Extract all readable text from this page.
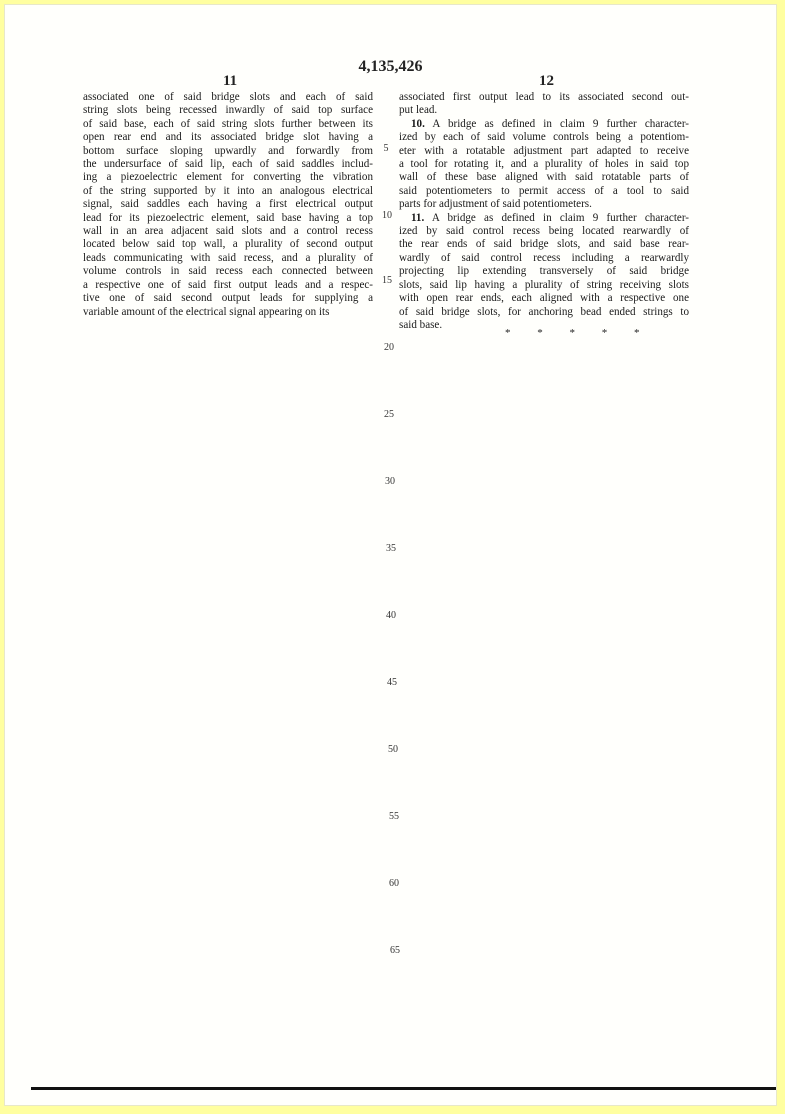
4,135,426
11	12
associated one of said bridge slots and each of said
string slots being recessed inwardly of said top surface
of said base, each of said string slots further between its
open rear end and its associated bridge slot having a
bottom surface sloping upwardly and forwardly from
the undersurface of said lip, each of said saddles includ-
ing a piezoelectric element for converting the vibration
of the string supported by it into an analogous electrical
signal, said saddles each having a first electrical output
lead for its piezoelectric element, said base having a top
wall in an area adjacent said slots and a control recess
located below said top wall, a plurality of second output
leads communicating with said recess, and a plurality of
volume controls in said recess each connected between
a respective one of said first output leads and a respec-
tive one of said second output leads for supplying a
variable amount of the electrical signal appearing on its
associated first output lead to its associated second out-
put lead.
10. A bridge as defined in claim 9 further character-
ized by each of said volume controls being a potentiom-
eter with a rotatable adjustment part adapted to receive
a tool for rotating it, and a plurality of holes in said top
wall of these base aligned with said rotatable parts of
said potentiometers to permit access of a tool to said
parts for adjustment of said potentiometers.
11. A bridge as defined in claim 9 further character-
ized by said control recess being located rearwardly of
the rear ends of said bridge slots, and said base rear-
wardly of said control recess including a rearwardly
projecting lip extending transversely of said bridge
slots, said lip having a plurality of string receiving slots
with open rear ends, each aligned with a respective one
of said bridge slots, for anchoring bead ended strings to
said base.
* * * * *
5
10
15
20
25
30
35
40
45
50
55
60
65
